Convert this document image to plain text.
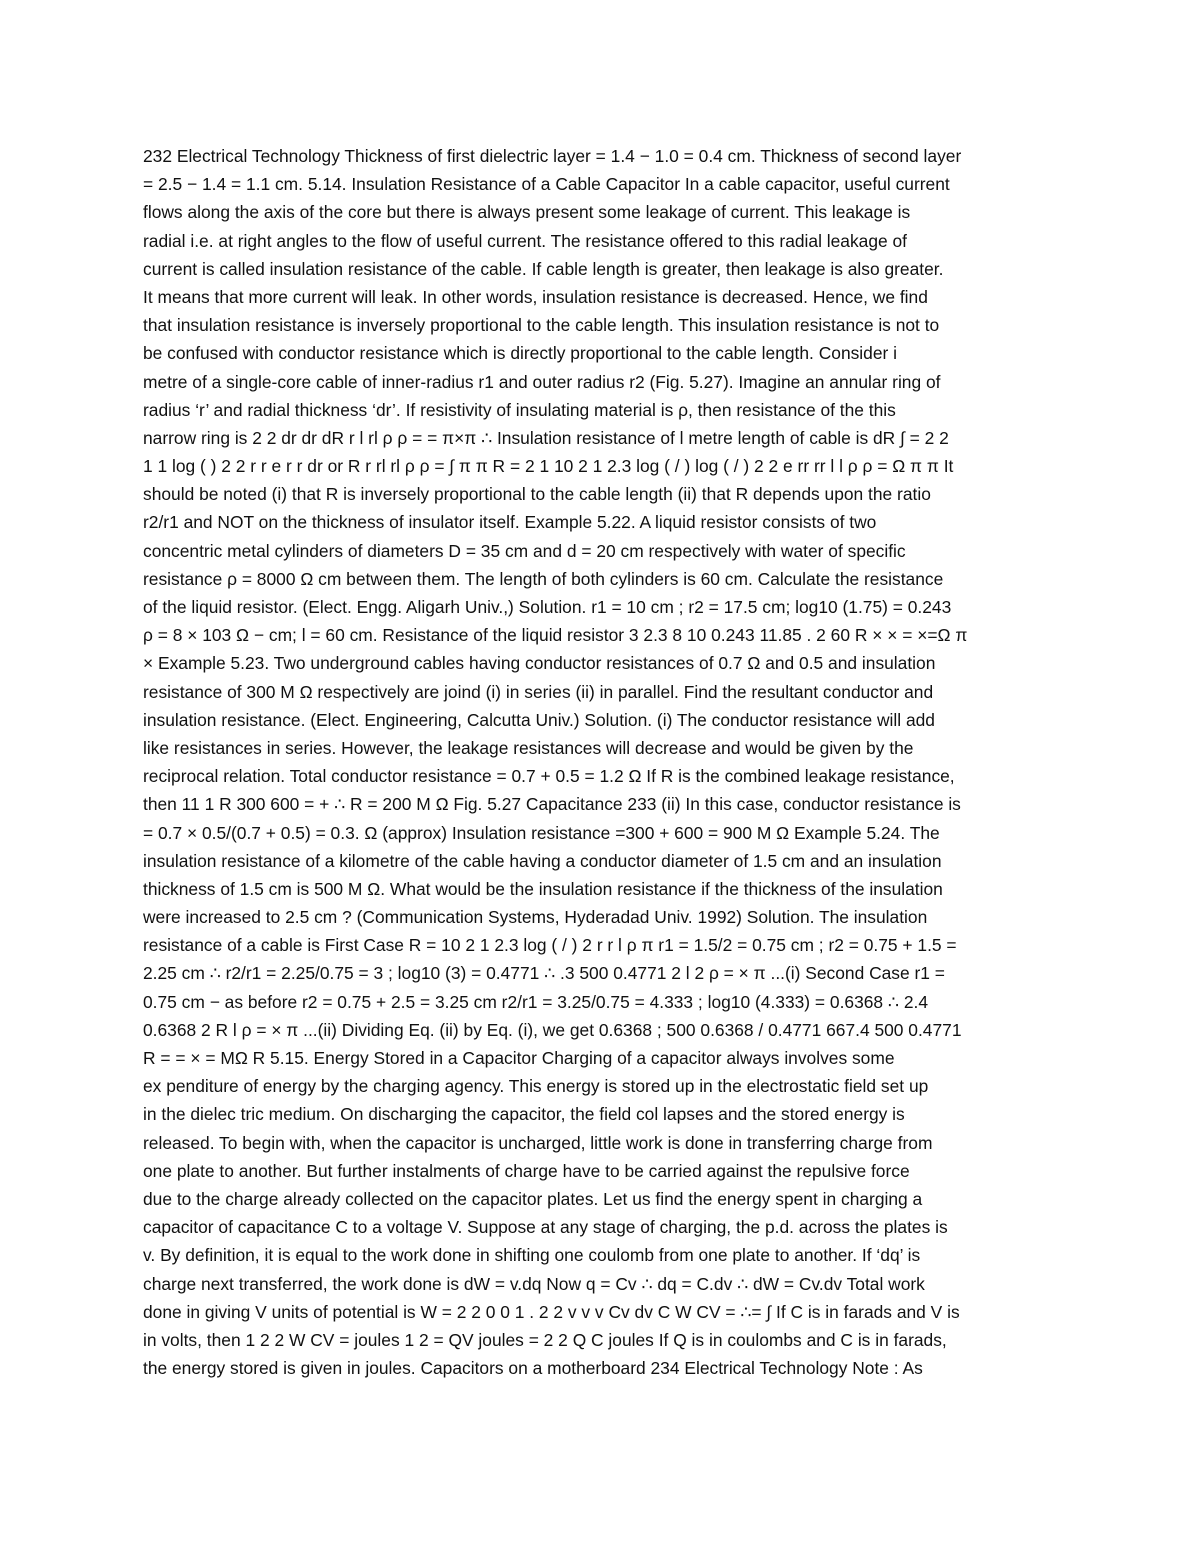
232 Electrical Technology Thickness of first dielectric layer = 1.4 − 1.0 = 0.4 cm. Thickness of second layer
= 2.5 − 1.4 = 1.1 cm. 5.14. Insulation Resistance of a Cable Capacitor In a cable capacitor, useful current
flows along the axis of the core but there is always present some leakage of current. This leakage is
radial i.e. at right angles to the flow of useful current. The resistance offered to this radial leakage of
current is called insulation resistance of the cable. If cable length is greater, then leakage is also greater.
It means that more current will leak. In other words, insulation resistance is decreased. Hence, we find
that insulation resistance is inversely proportional to the cable length. This insulation resistance is not to
be confused with conductor resistance which is directly proportional to the cable length. Consider i
metre of a single-core cable of inner-radius r1 and outer radius r2 (Fig. 5.27). Imagine an annular ring of
radius ‘r’ and radial thickness ‘dr’. If resistivity of insulating material is ρ, then resistance of the this
narrow ring is 2 2 dr dr dR r l rl ρ ρ = = π×π ∴ Insulation resistance of l metre length of cable is dR ∫ = 2 2
1 1 log ( ) 2 2 r r e r r dr or R r rl rl ρ ρ = ∫ π π R = 2 1 10 2 1 2.3 log ( / ) log ( / ) 2 2 e rr rr l l ρ ρ = Ω π π It
should be noted (i) that R is inversely proportional to the cable length (ii) that R depends upon the ratio
r2/r1 and NOT on the thickness of insulator itself. Example 5.22. A liquid resistor consists of two
concentric metal cylinders of diameters D = 35 cm and d = 20 cm respectively with water of specific
resistance ρ = 8000 Ω cm between them. The length of both cylinders is 60 cm. Calculate the resistance
of the liquid resistor. (Elect. Engg. Aligarh Univ.,) Solution. r1 = 10 cm ; r2 = 17.5 cm; log10 (1.75) = 0.243
ρ = 8 × 103 Ω − cm; l = 60 cm. Resistance of the liquid resistor 3 2.3 8 10 0.243 11.85 . 2 60 R × × = ×=Ω π
× Example 5.23. Two underground cables having conductor resistances of 0.7 Ω and 0.5 and insulation
resistance of 300 M Ω respectively are joind (i) in series (ii) in parallel. Find the resultant conductor and
insulation resistance. (Elect. Engineering, Calcutta Univ.) Solution. (i) The conductor resistance will add
like resistances in series. However, the leakage resistances will decrease and would be given by the
reciprocal relation. Total conductor resistance = 0.7 + 0.5 = 1.2 Ω If R is the combined leakage resistance,
then 11 1 R 300 600 = + ∴ R = 200 M Ω Fig. 5.27 Capacitance 233 (ii) In this case, conductor resistance is
= 0.7 × 0.5/(0.7 + 0.5) = 0.3. Ω (approx) Insulation resistance =300 + 600 = 900 M Ω Example 5.24. The
insulation resistance of a kilometre of the cable having a conductor diameter of 1.5 cm and an insulation
thickness of 1.5 cm is 500 M Ω. What would be the insulation resistance if the thickness of the insulation
were increased to 2.5 cm ? (Communication Systems, Hyderadad Univ. 1992) Solution. The insulation
resistance of a cable is First Case R = 10 2 1 2.3 log ( / ) 2 r r l ρ π r1 = 1.5/2 = 0.75 cm ; r2 = 0.75 + 1.5 =
2.25 cm ∴ r2/r1 = 2.25/0.75 = 3 ; log10 (3) = 0.4771 ∴ .3 500 0.4771 2 l 2 ρ = × π ...(i) Second Case r1 =
0.75 cm − as before r2 = 0.75 + 2.5 = 3.25 cm r2/r1 = 3.25/0.75 = 4.333 ; log10 (4.333) = 0.6368 ∴ 2.4
0.6368 2 R l ρ = × π ...(ii) Dividing Eq. (ii) by Eq. (i), we get 0.6368 ; 500 0.6368 / 0.4771 667.4 500 0.4771
R = = × = MΩ R 5.15. Energy Stored in a Capacitor Charging of a capacitor always involves some
ex penditure of energy by the charging agency. This energy is stored up in the electrostatic field set up
in the dielec tric medium. On discharging the capacitor, the field col lapses and the stored energy is
released. To begin with, when the capacitor is uncharged, little work is done in transferring charge from
one plate to another. But further instalments of charge have to be carried against the repulsive force
due to the charge already collected on the capacitor plates. Let us find the energy spent in charging a
capacitor of capacitance C to a voltage V. Suppose at any stage of charging, the p.d. across the plates is
v. By definition, it is equal to the work done in shifting one coulomb from one plate to another. If ‘dq’ is
charge next transferred, the work done is dW = v.dq Now q = Cv ∴ dq = C.dv ∴ dW = Cv.dv Total work
done in giving V units of potential is W = 2 2 0 0 1 . 2 2 v v v Cv dv C W CV = ∴= ∫ If C is in farads and V is
in volts, then 1 2 2 W CV = joules 1 2 = QV joules = 2 2 Q C joules If Q is in coulombs and C is in farads,
the energy stored is given in joules. Capacitors on a motherboard 234 Electrical Technology Note : As
